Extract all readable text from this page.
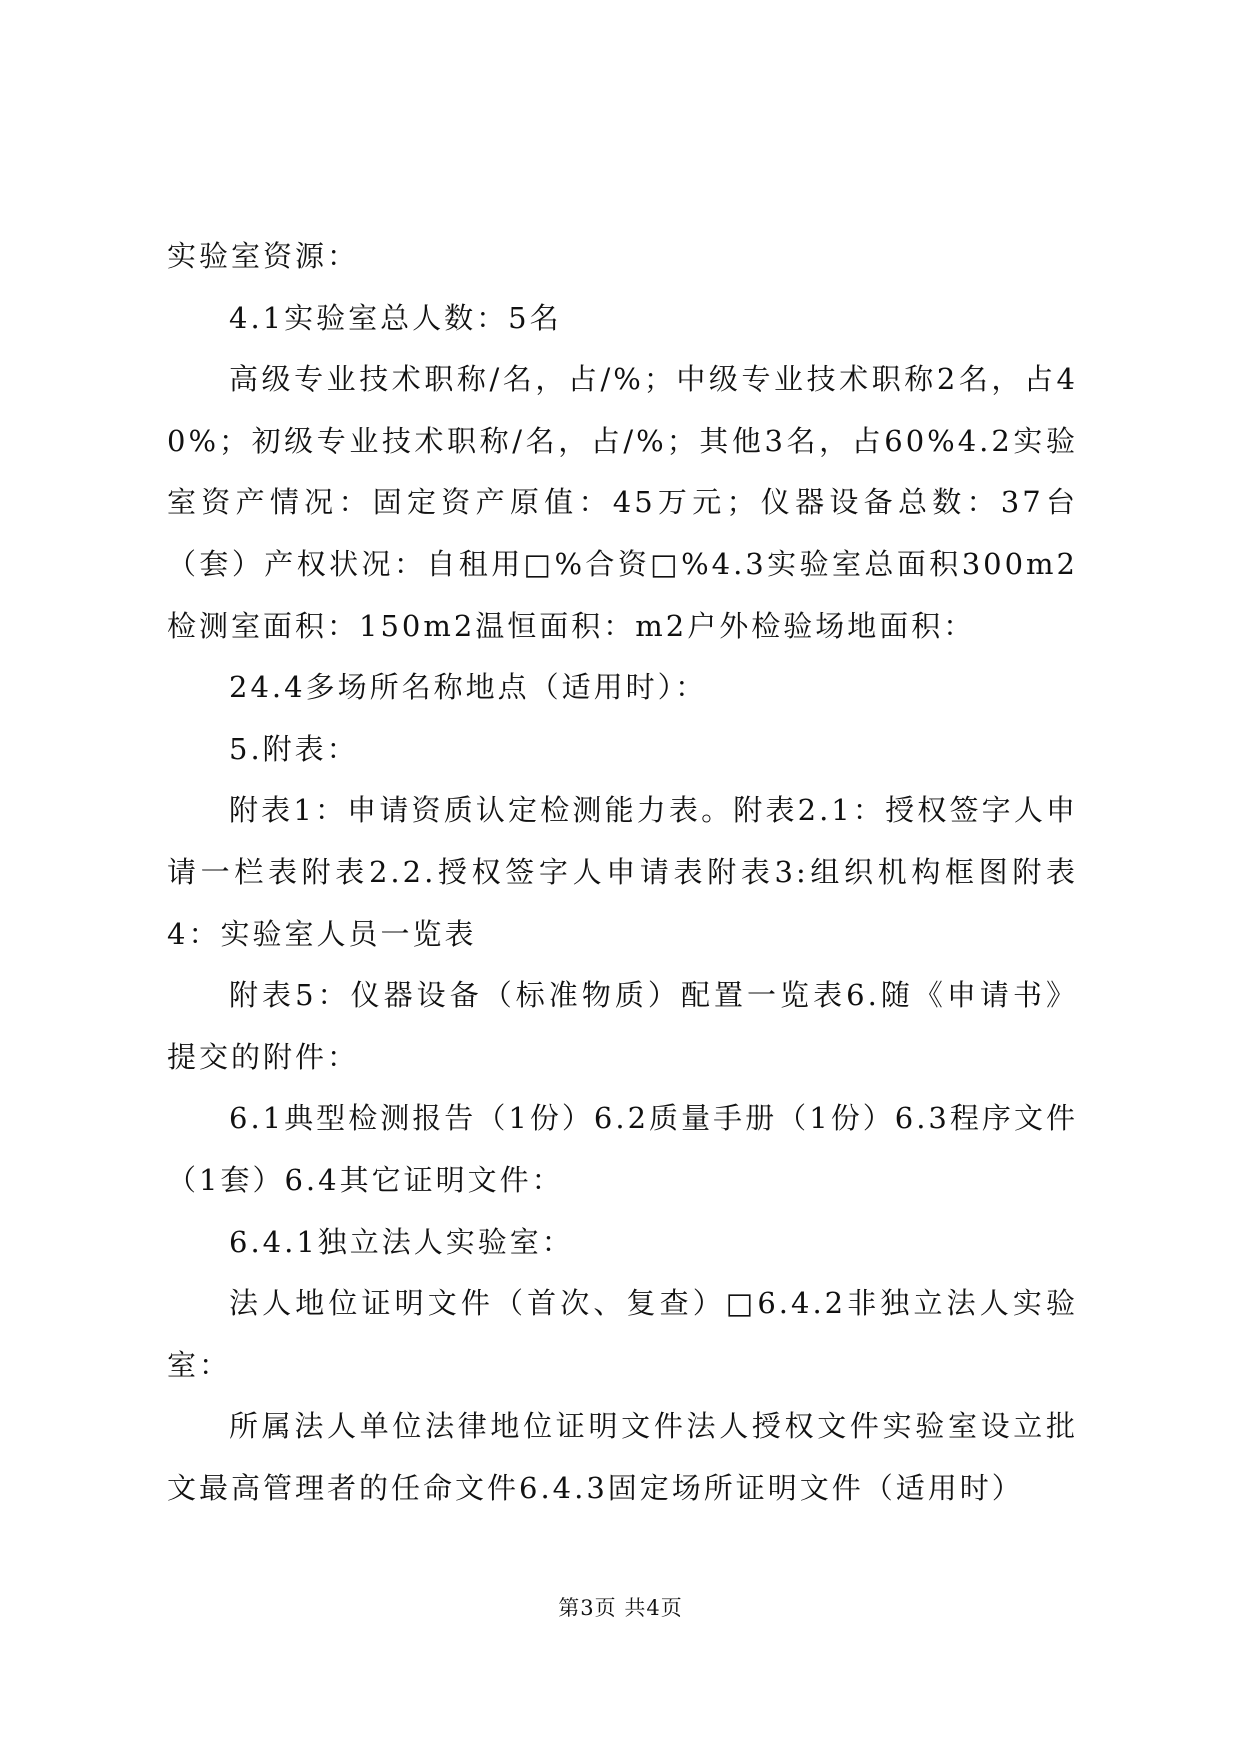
实验室资源：

4.1实验室总人数：5名

高级专业技术职称/名，占/%；中级专业技术职称2名，占40%；初级专业技术职称/名，占/%；其他3名，占60%4.2实验室资产情况：固定资产原值：45万元；仪器设备总数：37台（套）产权状况：自租用□%合资□%4.3实验室总面积300m2检测室面积：150m2温恒面积：m2户外检验场地面积：

24.4多场所名称地点（适用时）：

5.附表：

附表1：申请资质认定检测能力表。附表2.1：授权签字人申请一栏表附表2.2.授权签字人申请表附表3:组织机构框图附表4：实验室人员一览表

附表5：仪器设备（标准物质）配置一览表6.随《申请书》提交的附件：

6.1典型检测报告（1份）6.2质量手册（1份）6.3程序文件（1套）6.4其它证明文件：

6.4.1独立法人实验室：

法人地位证明文件（首次、复查）□6.4.2非独立法人实验室：

所属法人单位法律地位证明文件法人授权文件实验室设立批文最高管理者的任命文件6.4.3固定场所证明文件（适用时）

第3页 共4页
